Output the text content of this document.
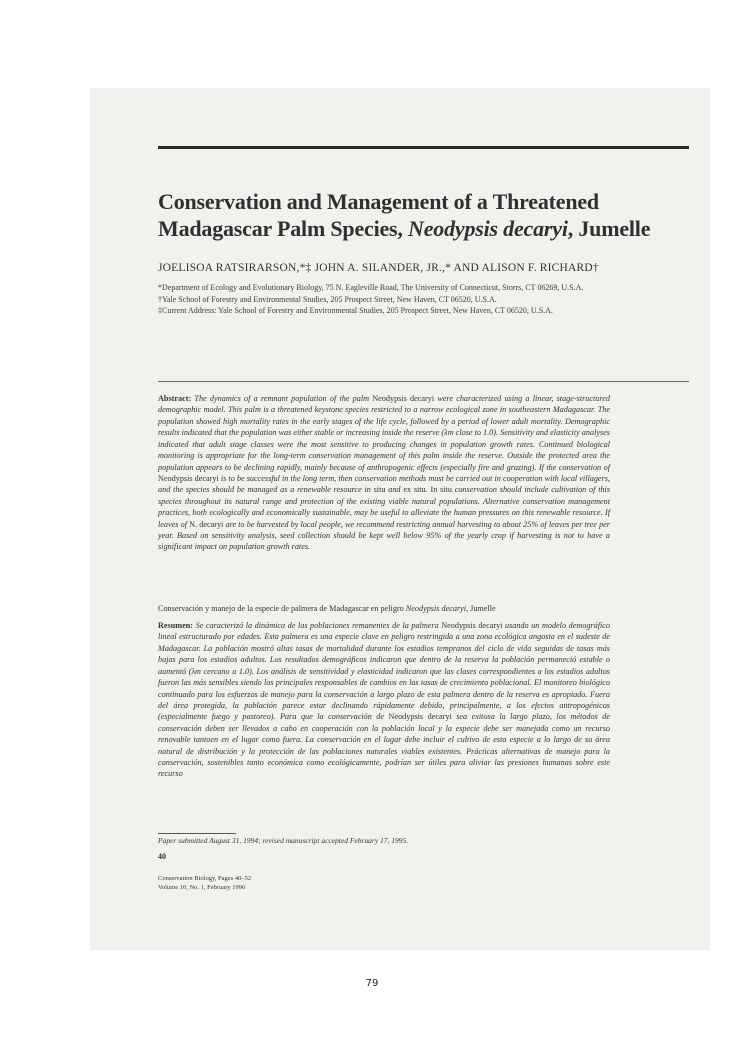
Conservation and Management of a Threatened Madagascar Palm Species, Neodypsis decaryi, Jumelle
JOELISOA RATSIRARSON,*‡ JOHN A. SILANDER, JR.,* AND ALISON F. RICHARD†

*Department of Ecology and Evolutionary Biology, 75 N. Eagleville Road, The University of Connecticut, Storrs, CT 06269, U.S.A.

†Yale School of Forestry and Environmental Studies, 205 Prospect Street, New Haven, CT 06520, U.S.A.

‡Current Address: Yale School of Forestry and Environmental Studies, 205 Prospect Street, New Haven, CT 06520, U.S.A.

Abstract: The dynamics of a remnant population of the palm Neodypsis decaryi were characterized using a linear, stage-structured demographic model. This palm is a threatened keystone species restricted to a narrow ecological zone in southeastern Madagascar. The population showed high mortality rates in the early stages of the life cycle, followed by a period of lower adult mortality. Demographic results indicated that the population was either stable or increasing inside the reserve (λm close to 1.0). Sensitivity and elasticity analyses indicated that adult stage classes were the most sensitive to producing changes in population growth rates. Continued biological monitoring is appropriate for the long-term conservation management of this palm inside the reserve. Outside the protected area the population appears to be declining rapidly, mainly because of anthropogenic effects (especially fire and grazing). If the conservation of Neodypsis decaryi is to be successful in the long term, then conservation methods must be carried out in cooperation with local villagers, and the species should be managed as a renewable resource in situ and ex situ. In situ conservation should include cultivation of this species throughout its natural range and protection of the existing viable natural populations. Alternative conservation management practices, both ecologically and economically sustainable, may be useful to alleviate the human pressures on this renewable resource. If leaves of N. decaryi are to be harvested by local people, we recommend restricting annual harvesting to about 25% of leaves per tree per year. Based on sensitivity analysis, seed collection should be kept well below 95% of the yearly crop if harvesting is not to have a significant impact on population growth rates.
Conservación y manejo de la especie de palmera de Madagascar en peligro Neodypsis decaryi, Jumelle
Resumen: Se caracterizó la dinámica de las poblaciones remanentes de la palmera Neodypsis decaryi usando un modelo demográfico lineal estructurado por edades. Esta palmera es una especie clave en peligro restringida a una zona ecológica angosta en el sudeste de Madagascar. La población mostró altas tasas de mortalidad durante los estadios tempranos del ciclo de vida seguidas de tasas más bajas para los estadios adultos. Los resultados demográficos indicaron que dentro de la reserva la población permaneció estable o aumentó (λm cercano a 1.0). Los análisis de sensitividad y elasticidad indicaron que las clases correspondientes a los estadios adultos fueron las más sensibles siendo las principales responsables de cambios en las tasas de crecimiento poblacional. El monitoreo biológico continuado para los esfuerzos de manejo para la conservación a largo plazo de esta palmera dentro de la reserva es apropiado. Fuera del área protegida, la población parece estar declinando rápidamente debido, principalmente, a los efectos antropogénicos (especialmente fuego y pastoreo). Para que la conservación de Neodypsis decaryi sea exitosa la largo plazo, los métodos de conservación deben ser llevados a cabo en cooperación con la población local y la especie debe ser manejada como un recurso renovable tantoen en el lugar como fuera. La conservación en el lugar debe incluir el cultivo de esta especie a lo largo de su área natural de distribución y la protección de las poblaciones naturales viables existentes. Prácticas alternativas de manejo para la conservación, sostenibles tanto económica como ecológicamente, podrían ser útiles para aliviar las presiones humanas sobre este recurso
Paper submitted August 31, 1994; revised manuscript accepted February 17, 1995.
40
Conservation Biology, Pages 40–52
Volume 10, No. 1, February 1996
79
